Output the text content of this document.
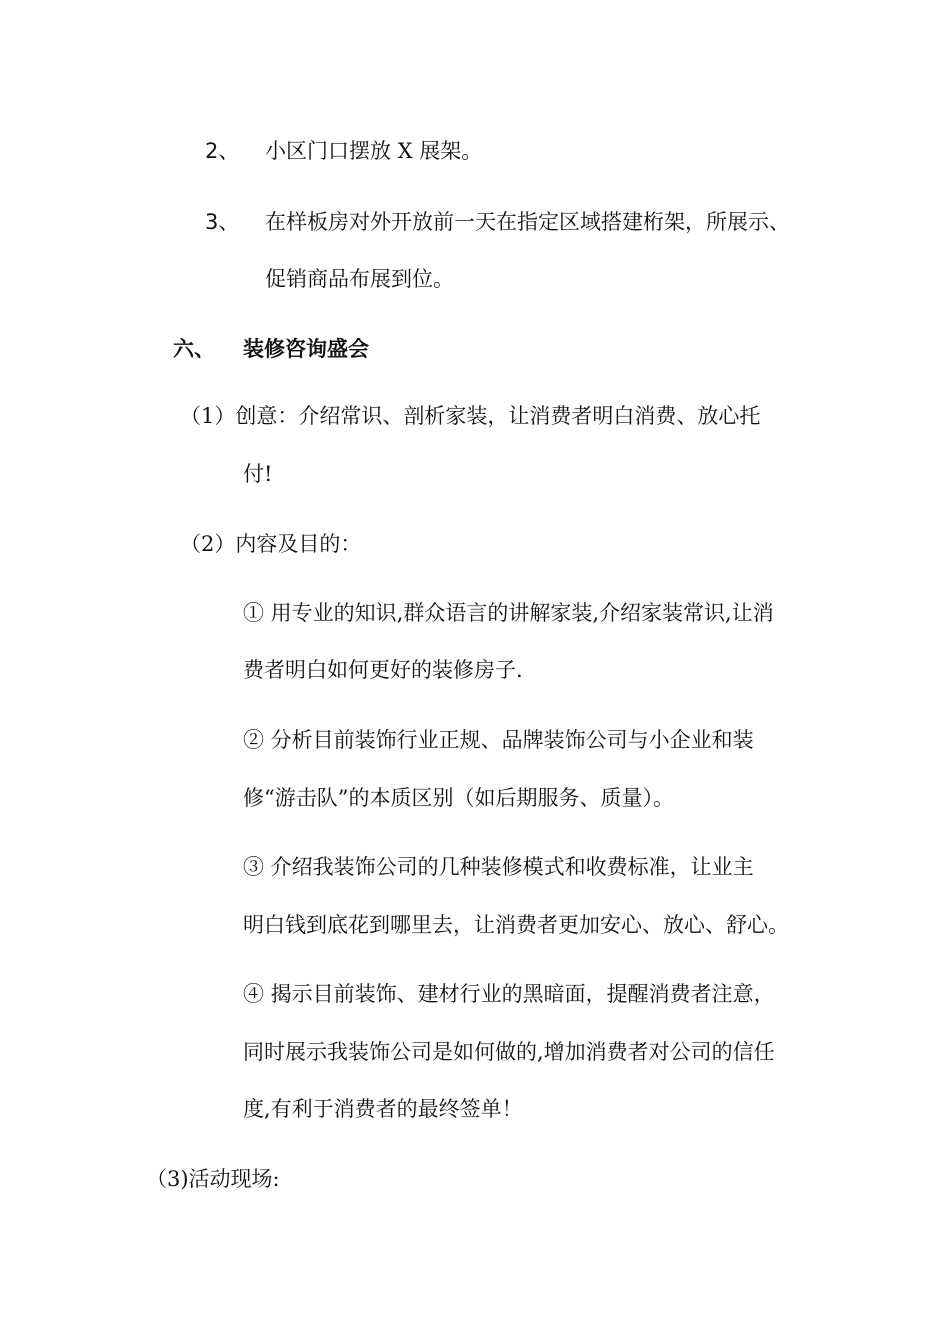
2、 小区门口摆放 X 展架。
3、 在样板房对外开放前一天在指定区域搭建桁架，所展示、
促销商品布展到位。
六、 装修咨询盛会
（1）创意：介绍常识、剖析家装，让消费者明白消费、放心托
付!
（2）内容及目的：
① 用专业的知识,群众语言的讲解家装,介绍家装常识,让消
费者明白如何更好的装修房子.
② 分析目前装饰行业正规、品牌装饰公司与小企业和装
修“游击队”的本质区别（如后期服务、质量）。
③ 介绍我装饰公司的几种装修模式和收费标准，让业主
明白钱到底花到哪里去，让消费者更加安心、放心、舒心。
④ 揭示目前装饰、建材行业的黑暗面，提醒消费者注意，
同时展示我装饰公司是如何做的,增加消费者对公司的信任
度,有利于消费者的最终签单！
（3)活动现场:
